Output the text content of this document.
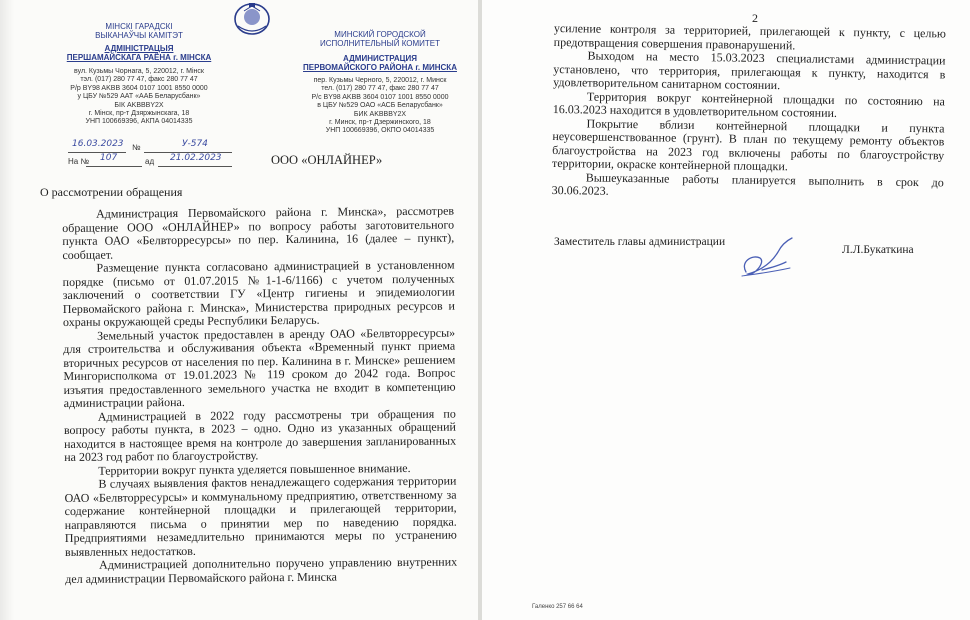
МІНСКІ ГАРАДСКІ
ВЫКАНАЎЧЫ КАМІТЭТ
АДМІНІСТРАЦЫЯ
ПЕРШАМАЙСКАГА РАЁНА г. МІНСКА
вул. Кузьмы Чорнага, 5, 220012, г. Мінск
тэл. (017) 280 77 47, факс 280 77 47
Р/р BY98 AKBB 3604 0107 1001 8550 0000
у ЦБУ №529 ААТ «ААБ Беларусбанк»
БІК AKBBBY2X
г. Мінск, пр-т Дзяржынскага, 18
УНП 100669396, АКПА 04014335
МИНСКИЙ ГОРОДСКОЙ
ИСПОЛНИТЕЛЬНЫЙ КОМИТЕТ
АДМИНИСТРАЦИЯ
ПЕРВОМАЙСКОГО РАЙОНА г. МИНСКА
пер. Кузьмы Черного, 5, 220012, г. Минск
тел. (017) 280 77 47, факс 280 77 47
Р/с BY98 AKBB 3604 0107 1001 8550 0000
в ЦБУ №529 ОАО «АСБ Беларусбанк»
БИК AKBBBY2X
г. Минск, пр-т Дзержинского, 18
УНП 100669396, ОКПО 04014335
16.03.2023 №	У-574
На № 107	ад 21.02.2023	ООО «ОНЛАЙНЕР»
О рассмотрении обращения

Администрация Первомайского района г. Минска», рассмотрев обращение ООО «ОНЛАЙНЕР» по вопросу работы заготовительного пункта ОАО «Белвторресурсы» по пер. Калинина, 16 (далее – пункт), сообщает.

Размещение пункта согласовано администрацией в установленном порядке (письмо от 01.07.2015 №1-1-6/1166) с учетом полученных заключений о соответствии ГУ «Центр гигиены и эпидемиологии Первомайского района г. Минска», Министерства природных ресурсов и охраны окружающей среды Республики Беларусь.

Земельный участок предоставлен в аренду ОАО «Белвторресурсы» для строительства и обслуживания объекта «Временный пункт приема вторичных ресурсов от населения по пер. Калинина в г. Минске» решением Мингорисполкома от 19.01.2023 № 119 сроком до 2042 года. Вопрос изъятия предоставленного земельного участка не входит в компетенцию администрации района.

Администрацией в 2022 году рассмотрены три обращения по вопросу работы пункта, в 2023 – одно. Одно из указанных обращений находится в настоящее время на контроле до завершения запланированных на 2023 год работ по благоустройству.

Территории вокруг пункта уделяется повышенное внимание.

В случаях выявления фактов ненадлежащего содержания территории ОАО «Белвторресурсы» и коммунальному предприятию, ответственному за содержание контейнерной площадки и прилегающей территории, направляются письма о принятии мер по наведению порядка. Предприятиями незамедлительно принимаются меры по устранению выявленных недостатков.

Администрацией дополнительно поручено управлению внутренних дел администрации Первомайского района г. Минска

2

усиление контроля за территорией, прилегающей к пункту, с целью предотвращения совершения правонарушений.

Выходом на место 15.03.2023 специалистами администрации установлено, что территория, прилегающая к пункту, находится в удовлетворительном санитарном состоянии.

Территория вокруг контейнерной площадки по состоянию на 16.03.2023 находится в удовлетворительном состоянии.

Покрытие вблизи контейнерной площадки и пункта неусовершенствованное (грунт). В план по текущему ремонту объектов благоустройства на 2023 год включены работы по благоустройству территории, окраске контейнерной площадки.

Вышеуказанные работы планируется выполнить в срок до 30.06.2023.

Заместитель главы администрации
Л.Л.Букаткина
Галенко 257 66 64
